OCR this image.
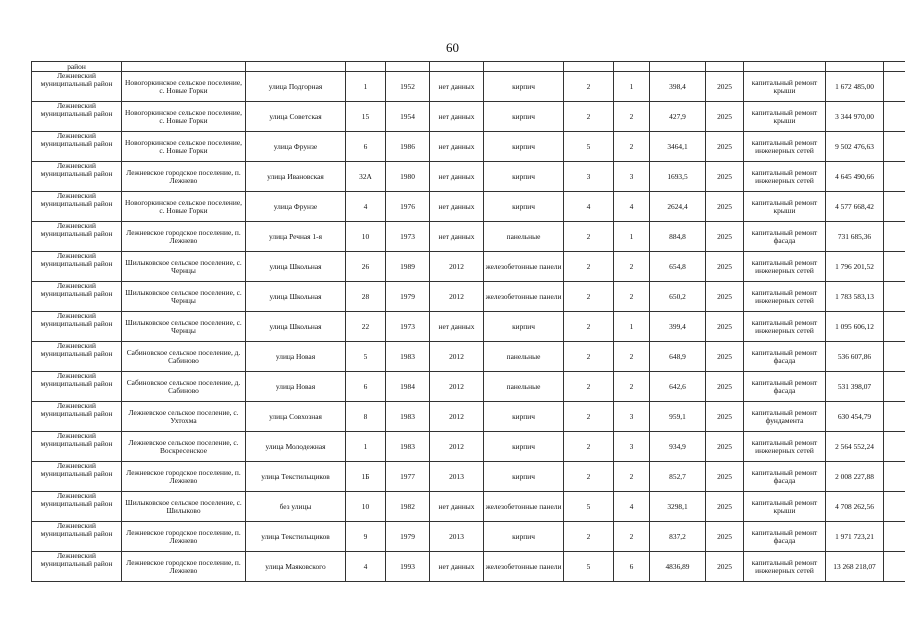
60
район													
Лежневский муниципальный район	Новогоркинское сельское поселение, с. Новые Горки	улица Подгорная	1	1952	нет данных	кирпич	2	1	398,4	2025	капитальный ремонт крыши	1 672 485,00	
Лежневский муниципальный район	Новогоркинское сельское поселение, с. Новые Горки	улица Советская	15	1954	нет данных	кирпич	2	2	427,9	2025	капитальный ремонт крыши	3 344 970,00	
Лежневский муниципальный район	Новогоркинское сельское поселение, с. Новые Горки	улица Фрунзе	6	1986	нет данных	кирпич	5	2	3464,1	2025	капитальный ремонт инженерных сетей	9 502 476,63	
Лежневский муниципальный район	Лежневское городское поселение, п. Лежнево	улица Ивановская	32А	1980	нет данных	кирпич	3	3	1693,5	2025	капитальный ремонт инженерных сетей	4 645 490,66	
Лежневский муниципальный район	Новогоркинское сельское поселение, с. Новые Горки	улица Фрунзе	4	1976	нет данных	кирпич	4	4	2624,4	2025	капитальный ремонт крыши	4 577 668,42	
Лежневский муниципальный район	Лежневское городское поселение, п. Лежнево	улица Речная 1-я	10	1973	нет данных	панельные	2	1	884,8	2025	капитальный ремонт фасада	731 685,36	
Лежневский муниципальный район	Шилыковское сельское поселение, с. Чернцы	улица Школьная	26	1989	2012	железобетонные панели	2	2	654,8	2025	капитальный ремонт инженерных сетей	1 796 201,52	
Лежневский муниципальный район	Шилыковское сельское поселение, с. Чернцы	улица Школьная	28	1979	2012	железобетонные панели	2	2	650,2	2025	капитальный ремонт инженерных сетей	1 783 583,13	
Лежневский муниципальный район	Шилыковское сельское поселение, с. Чернцы	улица Школьная	22	1973	нет данных	кирпич	2	1	399,4	2025	капитальный ремонт инженерных сетей	1 095 606,12	
Лежневский муниципальный район	Сабиновское сельское поселение, д. Сабиново	улица Новая	5	1983	2012	панельные	2	2	648,9	2025	капитальный ремонт фасада	536 607,86	
Лежневский муниципальный район	Сабиновское сельское поселение, д. Сабиново	улица Новая	6	1984	2012	панельные	2	2	642,6	2025	капитальный ремонт фасада	531 398,07	
Лежневский муниципальный район	Лежневское сельское поселение, с. Ухтохма	улица Совхозная	8	1983	2012	кирпич	2	3	959,1	2025	капитальный ремонт фундамента	630 454,79	
Лежневский муниципальный район	Лежневское сельское поселение, с. Воскресенское	улица Молодежная	1	1983	2012	кирпич	2	3	934,9	2025	капитальный ремонт инженерных сетей	2 564 552,24	
Лежневский муниципальный район	Лежневское городское поселение, п. Лежнево	улица Текстильщиков	1Б	1977	2013	кирпич	2	2	852,7	2025	капитальный ремонт фасада	2 008 227,88	
Лежневский муниципальный район	Шилыковское сельское поселение, с. Шилыково	без улицы	10	1982	нет данных	железобетонные панели	5	4	3298,1	2025	капитальный ремонт крыши	4 708 262,56	
Лежневский муниципальный район	Лежневское городское поселение, п. Лежнево	улица Текстильщиков	9	1979	2013	кирпич	2	2	837,2	2025	капитальный ремонт фасада	1 971 723,21	
Лежневский муниципальный район	Лежневское городское поселение, п. Лежнево	улица Маяковского	4	1993	нет данных	железобетонные панели	5	6	4836,89	2025	капитальный ремонт инженерных сетей	13 268 218,07	
